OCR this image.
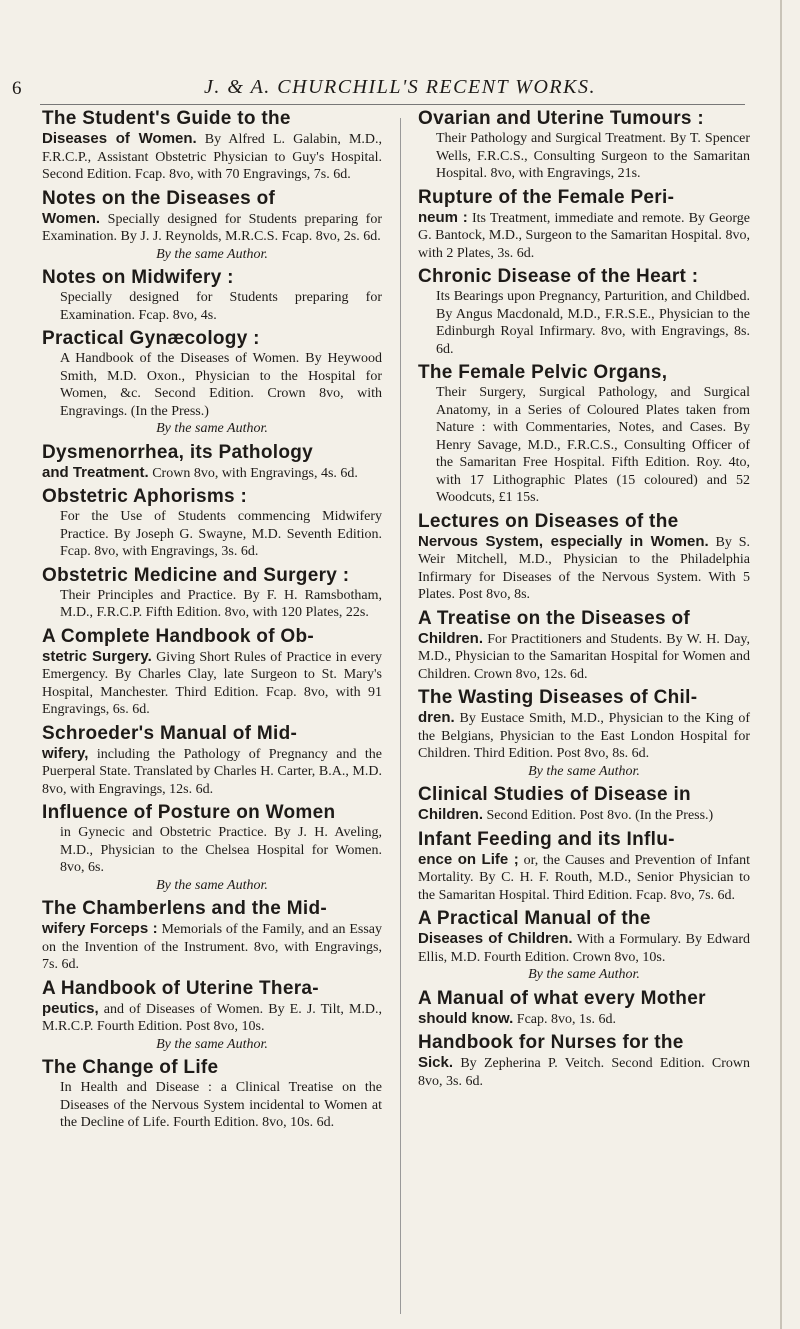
6	J. & A. CHURCHILL'S RECENT WORKS.

The Student's Guide to the
Diseases of Women. By Alfred L. Galabin, M.D., F.R.C.P., Assistant Obstetric Physician to Guy's Hospital. Second Edition. Fcap. 8vo, with 70 Engravings, 7s. 6d.

Notes on the Diseases of
Women. Specially designed for Students preparing for Examination. By J. J. Reynolds, M.R.C.S. Fcap. 8vo, 2s. 6d.

By the same Author.

Notes on Midwifery :

Specially designed for Students preparing for Examination. Fcap. 8vo, 4s.

Practical Gynæcology :

A Handbook of the Diseases of Women. By Heywood Smith, M.D. Oxon., Physician to the Hospital for Women, &c. Second Edition. Crown 8vo, with Engravings. (In the Press.)

By the same Author.

Dysmenorrhea, its Pathology
and Treatment. Crown 8vo, with Engravings, 4s. 6d.

Obstetric Aphorisms :

For the Use of Students commencing Midwifery Practice. By Joseph G. Swayne, M.D. Seventh Edition. Fcap. 8vo, with Engravings, 3s. 6d.

Obstetric Medicine and Surgery :

Their Principles and Practice. By F. H. Ramsbotham, M.D., F.R.C.P. Fifth Edition. 8vo, with 120 Plates, 22s.

A Complete Handbook of Ob-
stetric Surgery. Giving Short Rules of Practice in every Emergency. By Charles Clay, late Surgeon to St. Mary's Hospital, Manchester. Third Edition. Fcap. 8vo, with 91 Engravings, 6s. 6d.

Schroeder's Manual of Mid-
wifery, including the Pathology of Pregnancy and the Puerperal State. Translated by Charles H. Carter, B.A., M.D. 8vo, with Engravings, 12s. 6d.

Influence of Posture on Women

in Gynecic and Obstetric Practice. By J. H. Aveling, M.D., Physician to the Chelsea Hospital for Women. 8vo, 6s.

By the same Author.

The Chamberlens and the Mid-
wifery Forceps : Memorials of the Family, and an Essay on the Invention of the Instrument. 8vo, with Engravings, 7s. 6d.

A Handbook of Uterine Thera-
peutics, and of Diseases of Women. By E. J. Tilt, M.D., M.R.C.P. Fourth Edition. Post 8vo, 10s.

By the same Author.

The Change of Life

In Health and Disease : a Clinical Treatise on the Diseases of the Nervous System incidental to Women at the Decline of Life. Fourth Edition. 8vo, 10s. 6d.

Ovarian and Uterine Tumours :

Their Pathology and Surgical Treatment. By T. Spencer Wells, F.R.C.S., Consulting Surgeon to the Samaritan Hospital. 8vo, with Engravings, 21s.

Rupture of the Female Peri-
neum : Its Treatment, immediate and remote. By George G. Bantock, M.D., Surgeon to the Samaritan Hospital. 8vo, with 2 Plates, 3s. 6d.

Chronic Disease of the Heart :

Its Bearings upon Pregnancy, Parturition, and Childbed. By Angus Macdonald, M.D., F.R.S.E., Physician to the Edinburgh Royal Infirmary. 8vo, with Engravings, 8s. 6d.

The Female Pelvic Organs,

Their Surgery, Surgical Pathology, and Surgical Anatomy, in a Series of Coloured Plates taken from Nature : with Commentaries, Notes, and Cases. By Henry Savage, M.D., F.R.C.S., Consulting Officer of the Samaritan Free Hospital. Fifth Edition. Roy. 4to, with 17 Lithographic Plates (15 coloured) and 52 Woodcuts, £1 15s.

Lectures on Diseases of the
Nervous System, especially in Women. By S. Weir Mitchell, M.D., Physician to the Philadelphia Infirmary for Diseases of the Nervous System. With 5 Plates. Post 8vo, 8s.

A Treatise on the Diseases of
Children. For Practitioners and Students. By W. H. Day, M.D., Physician to the Samaritan Hospital for Women and Children. Crown 8vo, 12s. 6d.

The Wasting Diseases of Chil-
dren. By Eustace Smith, M.D., Physician to the King of the Belgians, Physician to the East London Hospital for Children. Third Edition. Post 8vo, 8s. 6d.

By the same Author.

Clinical Studies of Disease in
Children. Second Edition. Post 8vo. (In the Press.)

Infant Feeding and its Influ-
ence on Life ; or, the Causes and Prevention of Infant Mortality. By C. H. F. Routh, M.D., Senior Physician to the Samaritan Hospital. Third Edition. Fcap. 8vo, 7s. 6d.

A Practical Manual of the
Diseases of Children. With a Formulary. By Edward Ellis, M.D. Fourth Edition. Crown 8vo, 10s.

By the same Author.

A Manual of what every Mother
should know. Fcap. 8vo, 1s. 6d.

Handbook for Nurses for the
Sick. By Zepherina P. Veitch. Second Edition. Crown 8vo, 3s. 6d.
